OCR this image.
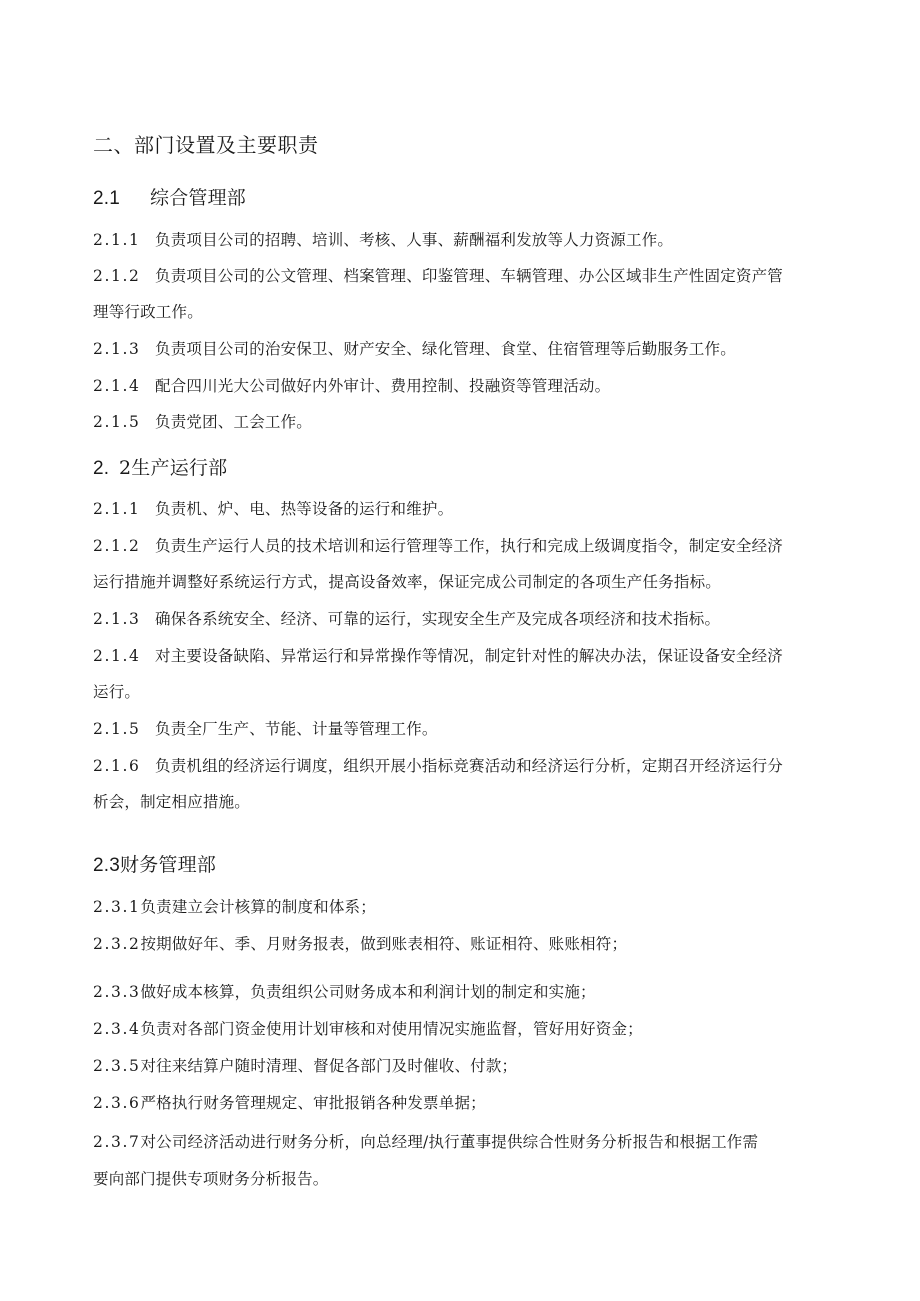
二、部门设置及主要职责
2.1 综合管理部
2.1.1 负责项目公司的招聘、培训、考核、人事、薪酬福利发放等人力资源工作。
2.1.2 负责项目公司的公文管理、档案管理、印鉴管理、车辆管理、办公区域非生产性固定资产管
理等行政工作。
2.1.3 负责项目公司的治安保卫、财产安全、绿化管理、食堂、住宿管理等后勤服务工作。
2.1.4 配合四川光大公司做好内外审计、费用控制、投融资等管理活动。
2.1.5 负责党团、工会工作。
2. 2生产运行部
2.1.1 负责机、炉、电、热等设备的运行和维护。
2.1.2 负责生产运行人员的技术培训和运行管理等工作，执行和完成上级调度指令，制定安全经济
运行措施并调整好系统运行方式，提高设备效率，保证完成公司制定的各项生产任务指标。
2.1.3 确保各系统安全、经济、可靠的运行，实现安全生产及完成各项经济和技术指标。
2.1.4 对主要设备缺陷、异常运行和异常操作等情况，制定针对性的解决办法，保证设备安全经济
运行。
2.1.5 负责全厂生产、节能、计量等管理工作。
2.1.6 负责机组的经济运行调度，组织开展小指标竞赛活动和经济运行分析，定期召开经济运行分
析会，制定相应措施。
2.3财务管理部
2.3.1负责建立会计核算的制度和体系；
2.3.2按期做好年、季、月财务报表，做到账表相符、账证相符、账账相符；
2.3.3做好成本核算，负责组织公司财务成本和利润计划的制定和实施；
2.3.4负责对各部门资金使用计划审核和对使用情况实施监督，管好用好资金；
2.3.5对往来结算户随时清理、督促各部门及时催收、付款；
2.3.6严格执行财务管理规定、审批报销各种发票单据；
2.3.7对公司经济活动进行财务分析，向总经理/执行董事提供综合性财务分析报告和根据工作需
要向部门提供专项财务分析报告。
